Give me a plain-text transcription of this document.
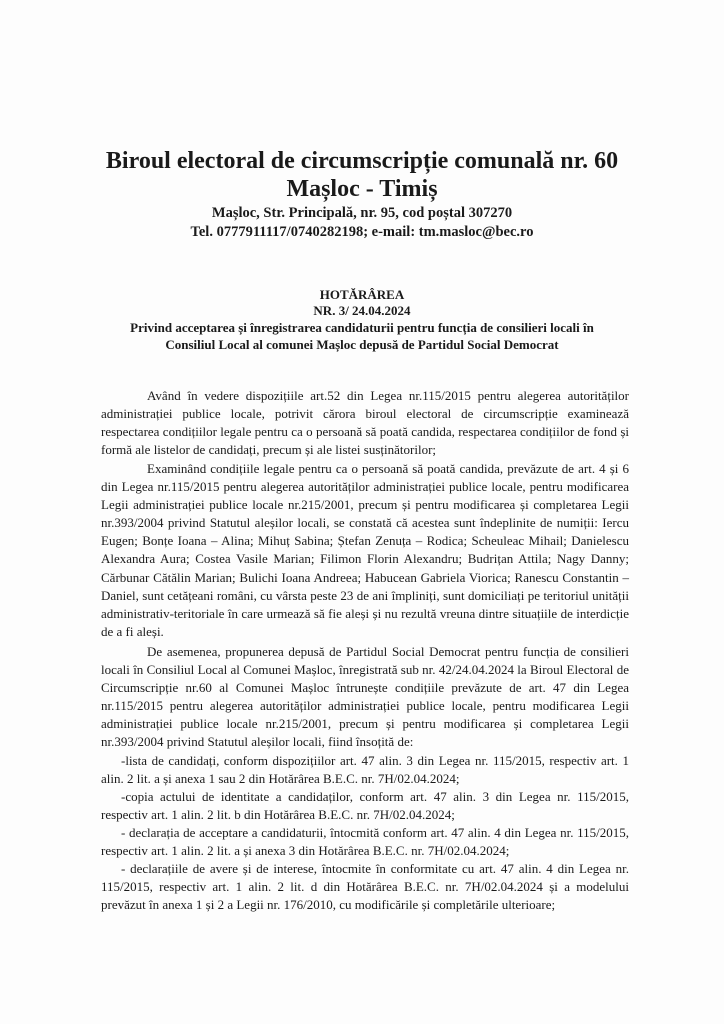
Biroul electoral de circumscripție comunală nr. 60
Mașloc - Timiș
Mașloc, Str. Principală, nr. 95, cod poștal 307270
Tel. 0777911117/0740282198; e-mail: tm.masloc@bec.ro
HOTĂRÂREA
NR. 3/ 24.04.2024
Privind acceptarea și înregistrarea candidaturii pentru funcția de consilieri locali în
Consiliul Local al comunei Mașloc depusă de Partidul Social Democrat

Având în vedere dispozițiile art.52 din Legea nr.115/2015 pentru alegerea autorităților administrației publice locale, potrivit cărora biroul electoral de circumscripție examinează respectarea condițiilor legale pentru ca o persoană să poată candida, respectarea condițiilor de fond și formă ale listelor de candidați, precum și ale listei susținătorilor;

Examinând condițiile legale pentru ca o persoană să poată candida, prevăzute de art. 4 și 6 din Legea nr.115/2015 pentru alegerea autorităților administrației publice locale, pentru modificarea Legii administrației publice locale nr.215/2001, precum și pentru modificarea și completarea Legii nr.393/2004 privind Statutul aleșilor locali, se constată că acestea sunt îndeplinite de numiții: Iercu Eugen; Bonțe Ioana – Alina; Mihuț Sabina; Ștefan Zenuța – Rodica; Scheuleac Mihail; Danielescu Alexandra Aura; Costea Vasile Marian; Filimon Florin Alexandru; Budrițan Attila; Nagy Danny; Cărbunar Cătălin Marian; Bulichi Ioana Andreea; Habucean Gabriela Viorica; Ranescu Constantin – Daniel, sunt cetățeani români, cu vârsta peste 23 de ani împliniți, sunt domiciliați pe teritoriul unității administrativ-teritoriale în care urmează să fie aleși și nu rezultă vreuna dintre situațiile de interdicție de a fi aleși.

De asemenea, propunerea depusă de Partidul Social Democrat pentru funcția de consilieri locali în Consiliul Local al Comunei Mașloc, înregistrată sub nr. 42/24.04.2024 la Biroul Electoral de Circumscripție nr.60 al Comunei Mașloc întrunește condițiile prevăzute de art. 47 din Legea nr.115/2015 pentru alegerea autorităților administrației publice locale, pentru modificarea Legii administrației publice locale nr.215/2001, precum și pentru modificarea și completarea Legii nr.393/2004 privind Statutul aleșilor locali, fiind însoțită de:

-lista de candidați, conform dispozițiilor art. 47 alin. 3 din Legea nr. 115/2015, respectiv art. 1 alin. 2 lit. a și anexa 1 sau 2 din Hotărârea B.E.C. nr. 7H/02.04.2024;

-copia actului de identitate a candidaților, conform art. 47 alin. 3 din Legea nr. 115/2015, respectiv art. 1 alin. 2 lit. b din Hotărârea B.E.C. nr. 7H/02.04.2024;

- declarația de acceptare a candidaturii, întocmită conform art. 47 alin. 4 din Legea nr. 115/2015, respectiv art. 1 alin. 2 lit. a și anexa 3 din Hotărârea B.E.C. nr. 7H/02.04.2024;

- declarațiile de avere și de interese, întocmite în conformitate cu art. 47 alin. 4 din Legea nr. 115/2015, respectiv art. 1 alin. 2 lit. d din Hotărârea B.E.C. nr. 7H/02.04.2024 și a modelului prevăzut în anexa 1 și 2 a Legii nr. 176/2010, cu modificările și completările ulterioare;
